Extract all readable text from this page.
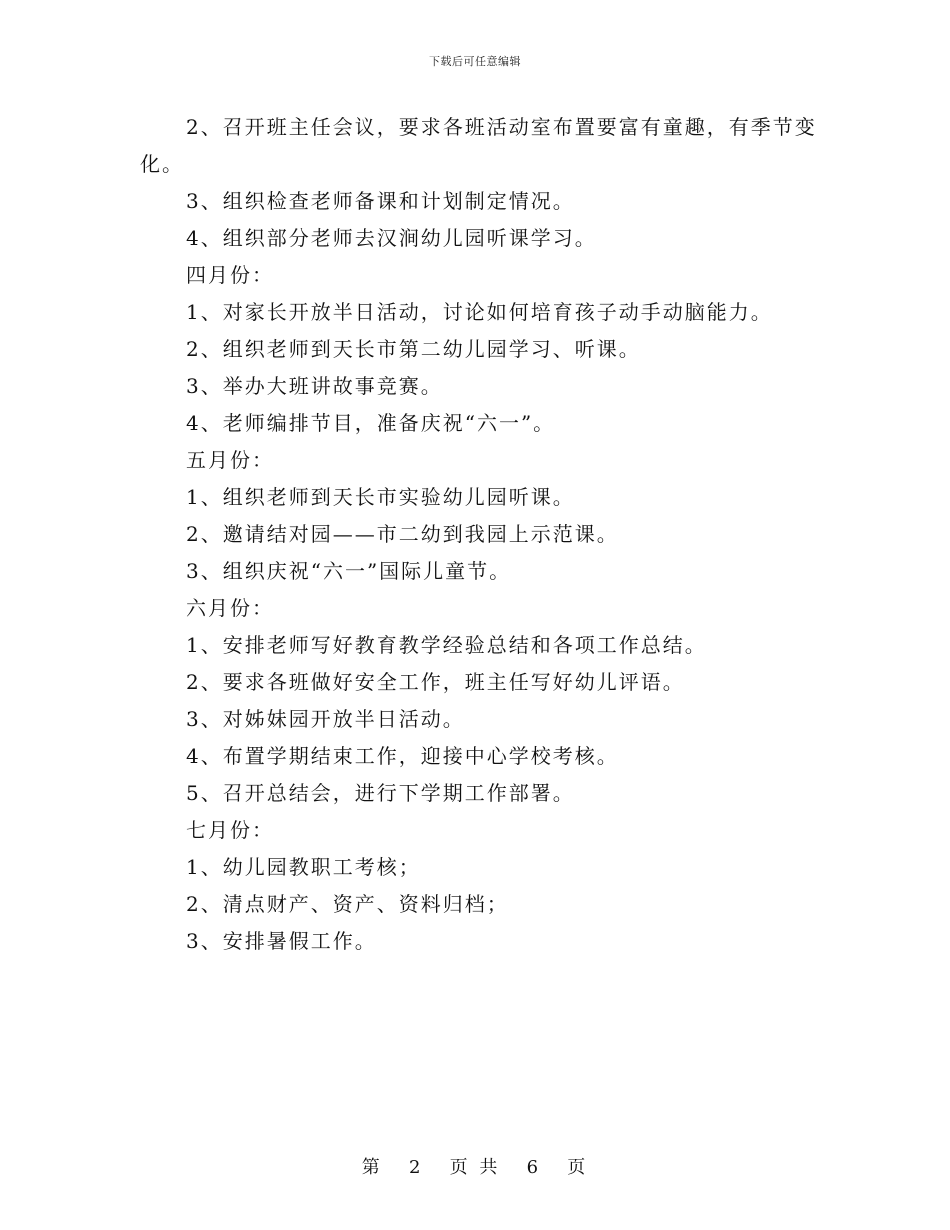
下载后可任意编辑

2、召开班主任会议，要求各班活动室布置要富有童趣，有季节变化。

3、组织检查老师备课和计划制定情况。

4、组织部分老师去汉涧幼儿园听课学习。

四月份：

1、对家长开放半日活动，讨论如何培育孩子动手动脑能力。

2、组织老师到天长市第二幼儿园学习、听课。

3、举办大班讲故事竞赛。

4、老师编排节目，准备庆祝“六一”。

五月份：

1、组织老师到天长市实验幼儿园听课。

2、邀请结对园——市二幼到我园上示范课。

3、组织庆祝“六一”国际儿童节。

六月份：

1、安排老师写好教育教学经验总结和各项工作总结。

2、要求各班做好安全工作，班主任写好幼儿评语。

3、对姊妹园开放半日活动。

4、布置学期结束工作，迎接中心学校考核。

5、召开总结会，进行下学期工作部署。

七月份：

1、幼儿园教职工考核；

2、清点财产、资产、资料归档；

3、安排暑假工作。

第 2 页 共 6 页
